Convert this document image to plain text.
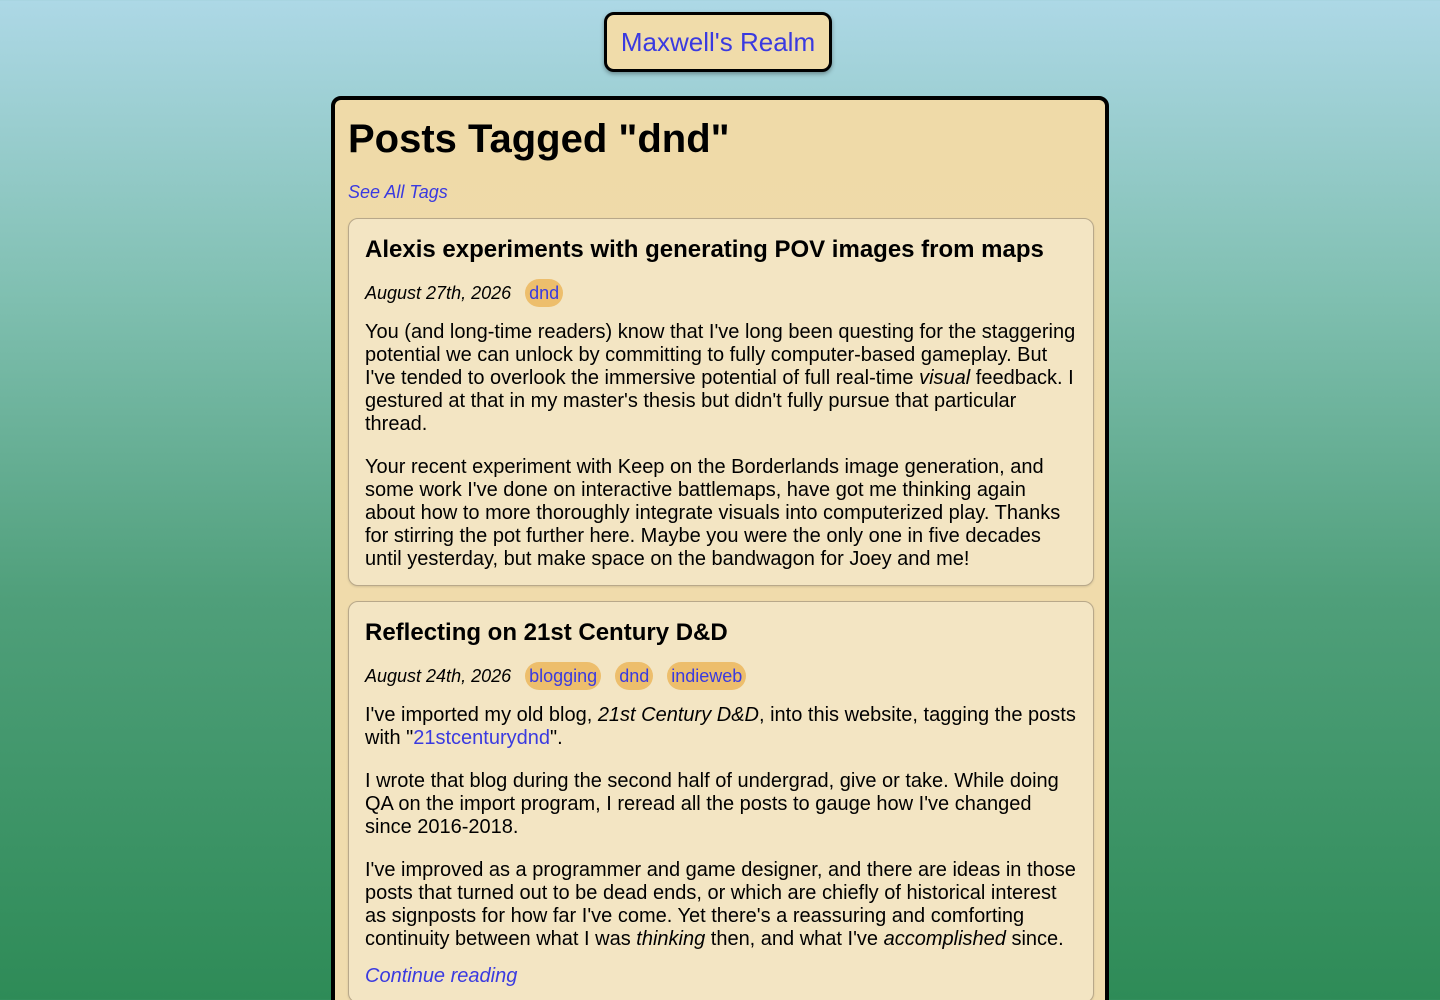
Maxwell's Realm
Posts Tagged "dnd"
See All Tags
Alexis experiments with generating POV images from maps
August 27th, 2026 dnd

You (and long-time readers) know that I've long been questing for the staggering potential we can unlock by committing to fully computer-based gameplay. But I've tended to overlook the immersive potential of full real-time visual feedback. I gestured at that in my master's thesis but didn't fully pursue that particular thread.

Your recent experiment with Keep on the Borderlands image generation, and some work I've done on interactive battlemaps, have got me thinking again about how to more thoroughly integrate visuals into computerized play. Thanks for stirring the pot further here. Maybe you were the only one in five decades until yesterday, but make space on the bandwagon for Joey and me!

Reflecting on 21st Century D&D
August 24th, 2026 blogging dnd indieweb

I've imported my old blog, 21st Century D&D, into this website, tagging the posts with "21stcenturydnd".

I wrote that blog during the second half of undergrad, give or take. While doing QA on the import program, I reread all the posts to gauge how I've changed since 2016-2018.

I've improved as a programmer and game designer, and there are ideas in those posts that turned out to be dead ends, or which are chiefly of historical interest as signposts for how far I've come. Yet there's a reassuring and comforting continuity between what I was thinking then, and what I've accomplished since.

Continue reading
